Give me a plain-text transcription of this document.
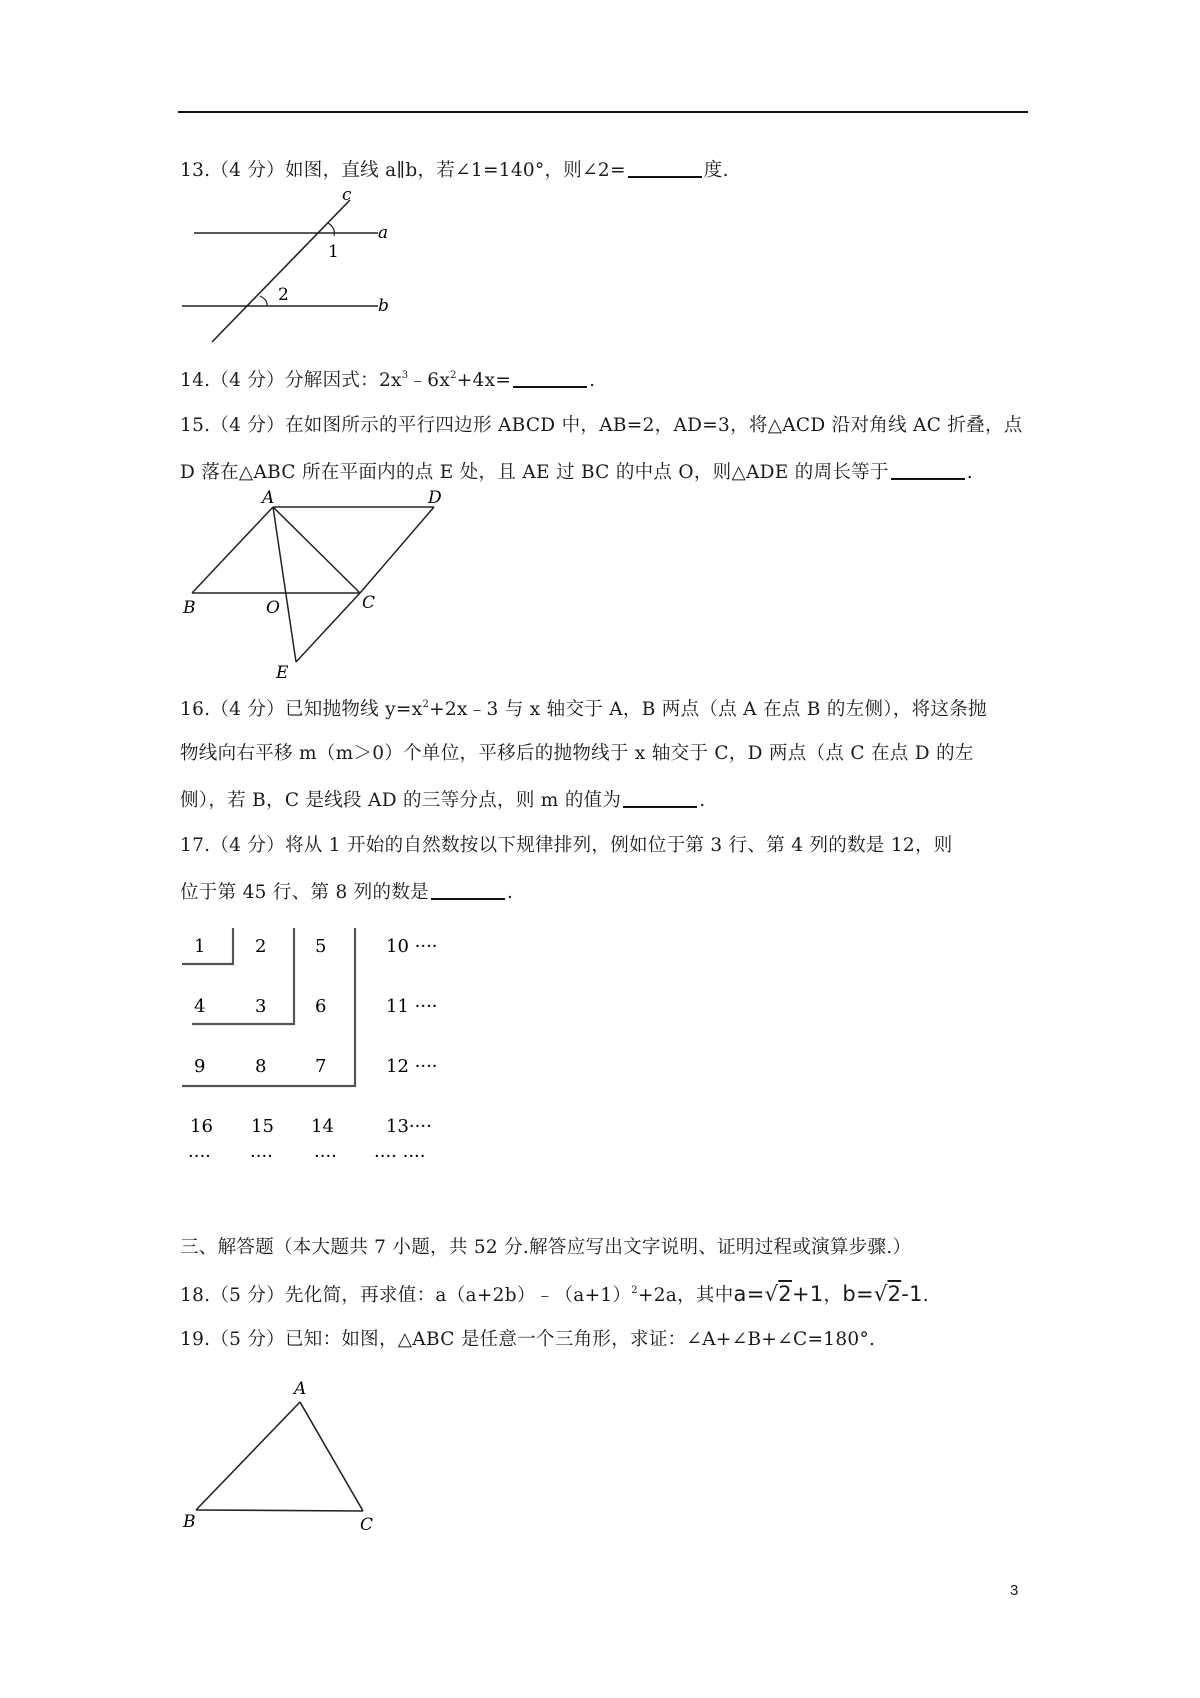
13.（4 分）如图，直线 a∥b，若∠1=140°，则∠2=	度.
c
a
b
1
2
14.（4 分）分解因式：$2x^3﹣6x^2+4x=$	.
15.（4 分）在如图所示的平行四边形 ABCD 中，AB=2，AD=3，将△ACD 沿对角线 AC 折叠，点
D 落在△ABC 所在平面内的点 E 处，且 AE 过 BC 的中点 O，则△ADE 的周长等于	.
A	D
B	O	C
E
16.（4 分）已知抛物线 $y=x^2+2x﹣3$ 与 x 轴交于 A，B 两点（点 A 在点 B 的左侧），将这条抛
物线向右平移 m（m＞0）个单位，平移后的抛物线于 x 轴交于 C，D 两点（点 C 在点 D 的左
侧），若 B，C 是线段 AD 的三等分点，则 m 的值为	.
17.（4 分）将从 1 开始的自然数按以下规律排列，例如位于第 3 行、第 4 列的数是 12，则
位于第 45 行、第 8 列的数是	.
1	2	5	10 ····
4	3	6	11 ····
9	8	7	12 ····
16 15 14	13····
···· ···· ···· ···· ····
三、解答题（本大题共 7 小题，共 52 分.解答应写出文字说明、证明过程或演算步骤.）
18.（5 分）先化简，再求值：$a(a+2b)﹣(a+1)^2+2a$，其中a=√2+1，b=√2-1.
19.（5 分）已知：如图，△ABC 是任意一个三角形，求证：∠A+∠B+∠C=180°.
A
B	C
3
